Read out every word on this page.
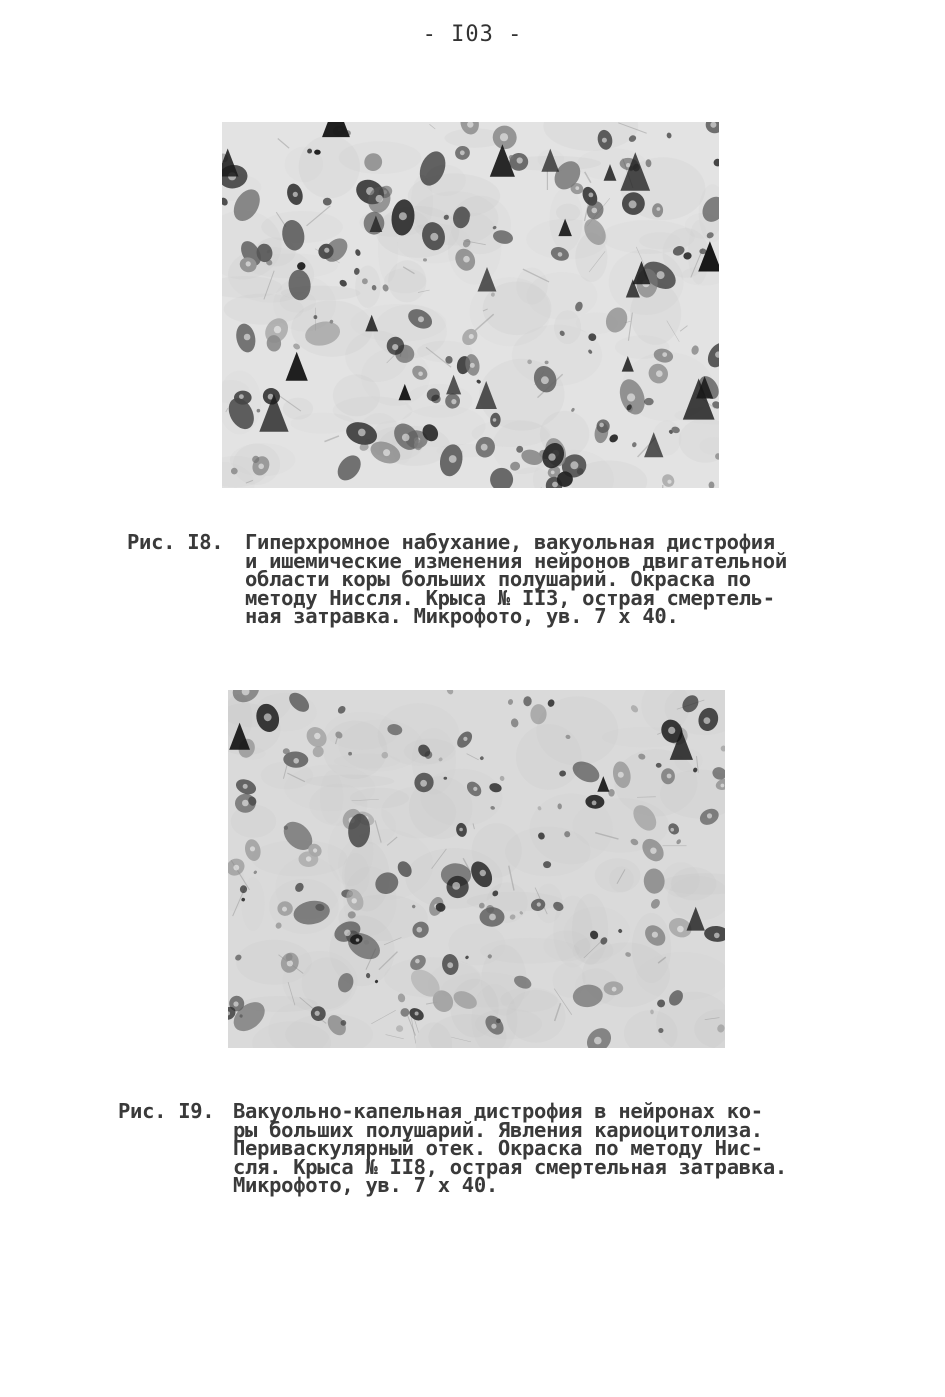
- I03 -
Рис. I8. Гиперхромное набухание, вакуольная дистрофия
и ишемические изменения нейронов двигательной
области коры больших полушарий. Окраска по
методу Ниссля. Крыса № II3, острая смертель-
ная затравка. Микрофото, ув. 7 х 40.
Рис. I9. Вакуольно-капельная дистрофия в нейронах ко-
ры больших полушарий. Явления кариоцитолиза.
Периваскулярный отек. Окраска по методу Нис-
сля. Крыса № II8, острая смертельная затравка.
Микрофото, ув. 7 х 40.
